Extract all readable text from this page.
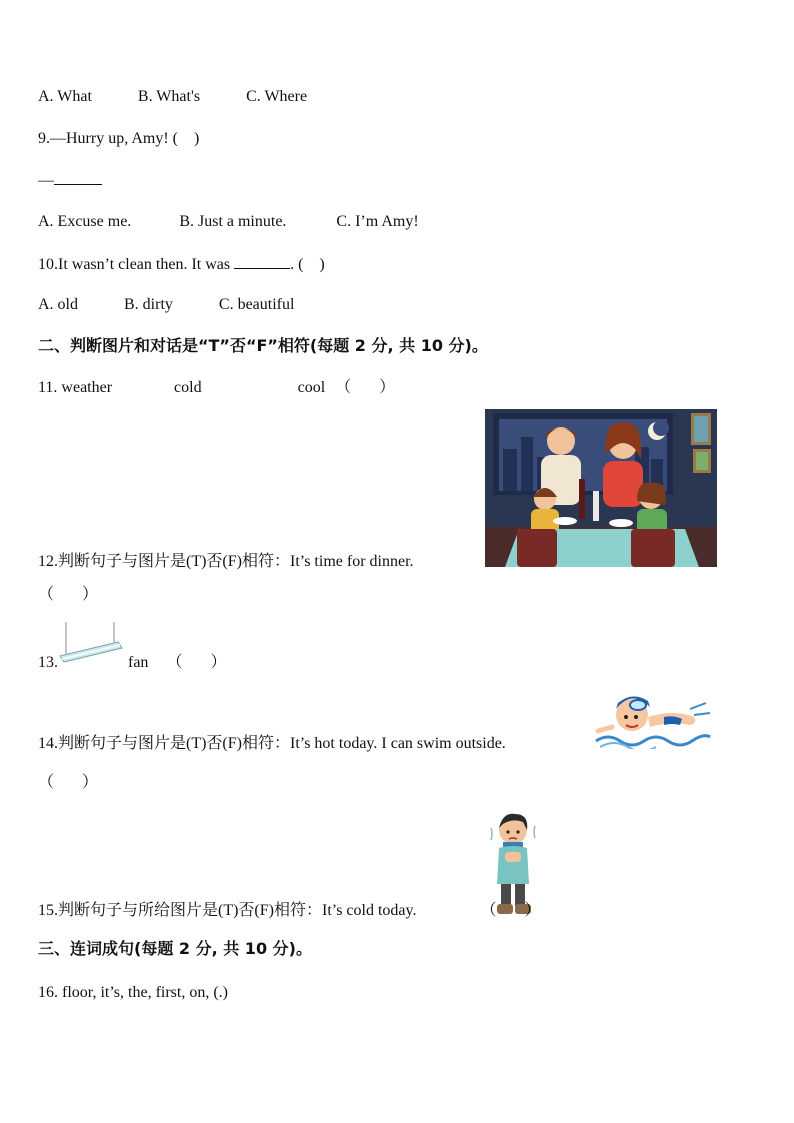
A. What	B. What's	C. Where
9.—Hurry up, Amy! (    )
—
A. Excuse me.	B. Just a minute.	C. I’m Amy!
10.It wasn’t clean then. It was	. (    )
A. old	B. dirty	C. beautiful
二、判断图片和对话是“T”否“F”相符(每题 2 分, 共 10 分)。
11. weather	cold	cool （       ）
12.判断句子与图片是(T)否(F)相符：It’s time for dinner.
（       ）
13.	fan （       ）
14.判断句子与图片是(T)否(F)相符：It’s hot today. I can swim outside.
（       ）
15.判断句子与所给图片是(T)否(F)相符：It’s cold today.	（       ）
三、连词成句(每题 2 分, 共 10 分)。
16. floor, it’s, the, first, on, (.)
